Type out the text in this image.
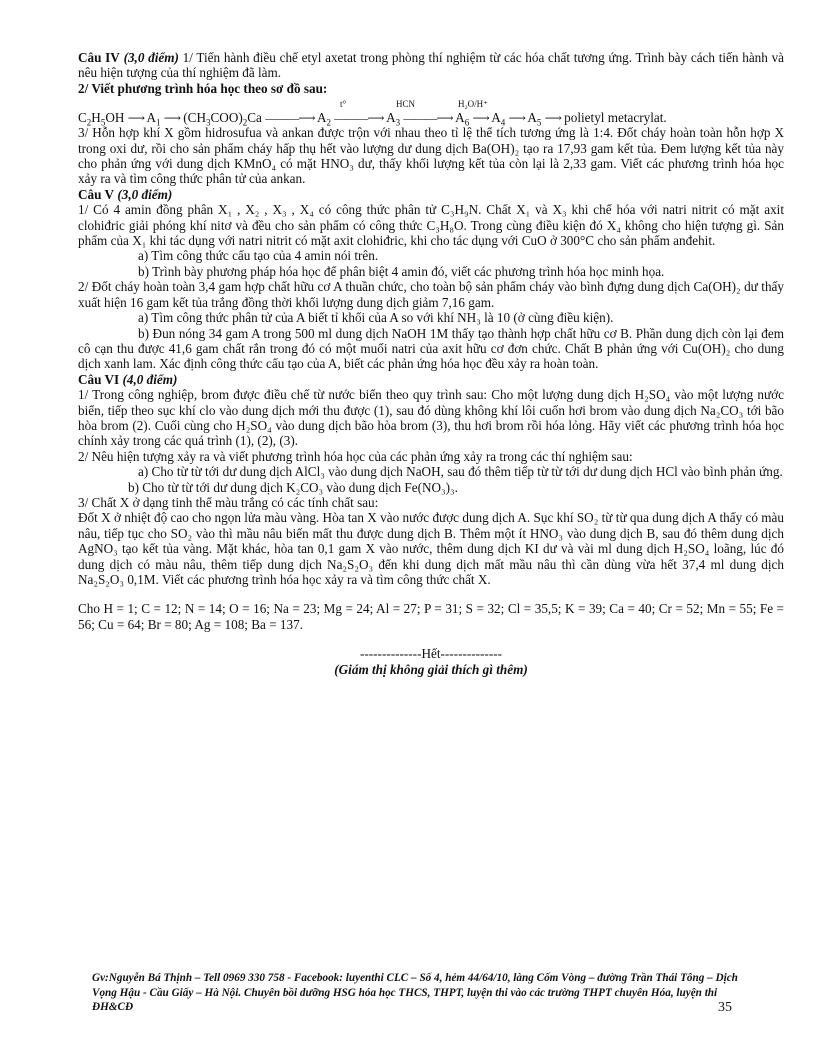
Câu IV (3,0 điểm) 1/ Tiến hành điều chế etyl axetat trong phòng thí nghiệm từ các hóa chất tương ứng. Trình bày cách tiến hành và nêu hiện tượng của thí nghiệm đã làm.

2/ Viết phương trình hóa học theo sơ đồ sau:

t°	HCN	H₂O/H⁺
$C_2H_5OH$ ⟶ $A_1$ ⟶ $(CH_3COO)_2Ca$ ———⟶ $A_2$ ———⟶ $A_3$ ———⟶ $A_6$ ⟶ $A_4$ ⟶ $A_5$ ⟶ polietyl metacrylat.

3/ Hỗn hợp khí X gồm hidrosufua và ankan được trộn với nhau theo tỉ lệ thể tích tương ứng là 1:4. Đốt cháy hoàn toàn hỗn hợp X trong oxi dư, rồi cho sản phẩm cháy hấp thụ hết vào lượng dư dung dịch Ba(OH)₂ tạo ra 17,93 gam kết tủa. Đem lượng kết tủa này cho phản ứng với dung dịch KMnO₄ có mặt HNO₃ dư, thấy khối lượng kết tủa còn lại là 2,33 gam. Viết các phương trình hóa học xảy ra và tìm công thức phân tử của ankan.

Câu V (3,0 điểm)

1/ Có 4 amin đồng phân X₁ , X₂ , X₃ , X₄ có công thức phân tử C₃H₉N. Chất X₁ và X₃ khi chế hóa với natri nitrit có mặt axit clohiđric giải phóng khí nitơ và đều cho sản phẩm có công thức C₃H₈O. Trong cùng điều kiện đó X₄ không cho hiện tượng gì. Sản phẩm của X₁ khi tác dụng với natri nitrit có mặt axit clohiđric, khi cho tác dụng với CuO ở 300°C cho sản phẩm anđehit.

a) Tìm công thức cấu tạo của 4 amin nói trên.

b) Trình bày phương pháp hóa học để phân biệt 4 amin đó, viết các phương trình hóa học minh họa.

2/ Đốt cháy hoàn toàn 3,4 gam hợp chất hữu cơ A thuần chức, cho toàn bộ sản phẩm cháy vào bình đựng dung dịch Ca(OH)₂ dư thấy xuất hiện 16 gam kết tủa trắng đồng thời khối lượng dung dịch giảm 7,16 gam.

a) Tìm công thức phân tử của A biết tỉ khối của A so với khí NH₃ là 10 (ở cùng điều kiện).

b) Đun nóng 34 gam A trong 500 ml dung dịch NaOH 1M thấy tạo thành hợp chất hữu cơ B. Phần dung dịch còn lại đem cô cạn thu được 41,6 gam chất rắn trong đó có một muối natri của axit hữu cơ đơn chức. Chất B phản ứng với Cu(OH)₂ cho dung dịch xanh lam. Xác định công thức cấu tạo của A, biết các phản ứng hóa học đều xảy ra hoàn toàn.

Câu VI (4,0 điểm)

1/ Trong công nghiệp, brom được điều chế từ nước biển theo quy trình sau: Cho một lượng dung dịch H₂SO₄ vào một lượng nước biển, tiếp theo sục khí clo vào dung dịch mới thu được (1), sau đó dùng không khí lôi cuốn hơi brom vào dung dịch Na₂CO₃ tới bão hòa brom (2). Cuối cùng cho H₂SO₄ vào dung dịch bão hòa brom (3), thu hơi brom rồi hóa lỏng. Hãy viết các phương trình hóa học chính xảy trong các quá trình (1), (2), (3).

2/ Nêu hiện tượng xảy ra và viết phương trình hóa học của các phản ứng xảy ra trong các thí nghiệm sau:

a) Cho từ từ tới dư dung dịch AlCl₃ vào dung dịch NaOH, sau đó thêm tiếp từ từ tới dư dung dịch HCl vào bình phản ứng.

b) Cho từ từ tới dư dung dịch K₂CO₃ vào dung dịch Fe(NO₃)₃.

3/ Chất X ở dạng tinh thể màu trắng có các tính chất sau:

Đốt X ở nhiệt độ cao cho ngọn lửa màu vàng. Hòa tan X vào nước được dung dịch A. Sục khí SO₂ từ từ qua dung dịch A thấy có màu nâu, tiếp tục cho SO₂ vào thì mầu nâu biến mất thu được dung dịch B. Thêm một ít HNO₃ vào dung dịch B, sau đó thêm dung dịch AgNO₃ tạo kết tủa vàng. Mặt khác, hòa tan 0,1 gam X vào nước, thêm dung dịch KI dư và vài ml dung dịch H₂SO₄ loãng, lúc đó dung dịch có màu nâu, thêm tiếp dung dịch Na₂S₂O₃ đến khi dung dịch mất mầu nâu thì cần dùng vừa hết 37,4 ml dung dịch Na₂S₂O₃ 0,1M. Viết các phương trình hóa học xảy ra và tìm công thức chất X.

Cho H = 1; C = 12; N = 14; O = 16; Na = 23; Mg = 24; Al = 27; P = 31; S = 32; Cl = 35,5; K = 39; Ca = 40; Cr = 52; Mn = 55; Fe = 56; Cu = 64; Br = 80; Ag = 108; Ba = 137.

--------------Hết--------------

(Giám thị không giải thích gì thêm)

Gv:Nguyễn Bá Thịnh – Tell 0969 330 758 - Facebook: luyenthi CLC – Số 4, hẻm 44/64/10, làng Cốm Vòng – đường Trần Thái Tông – Dịch Vọng Hậu - Cầu Giấy – Hà Nội. Chuyên bồi dưỡng HSG hóa học THCS, THPT, luyện thi vào các trường THPT chuyên Hóa, luyện thi ĐH&CĐ	35
